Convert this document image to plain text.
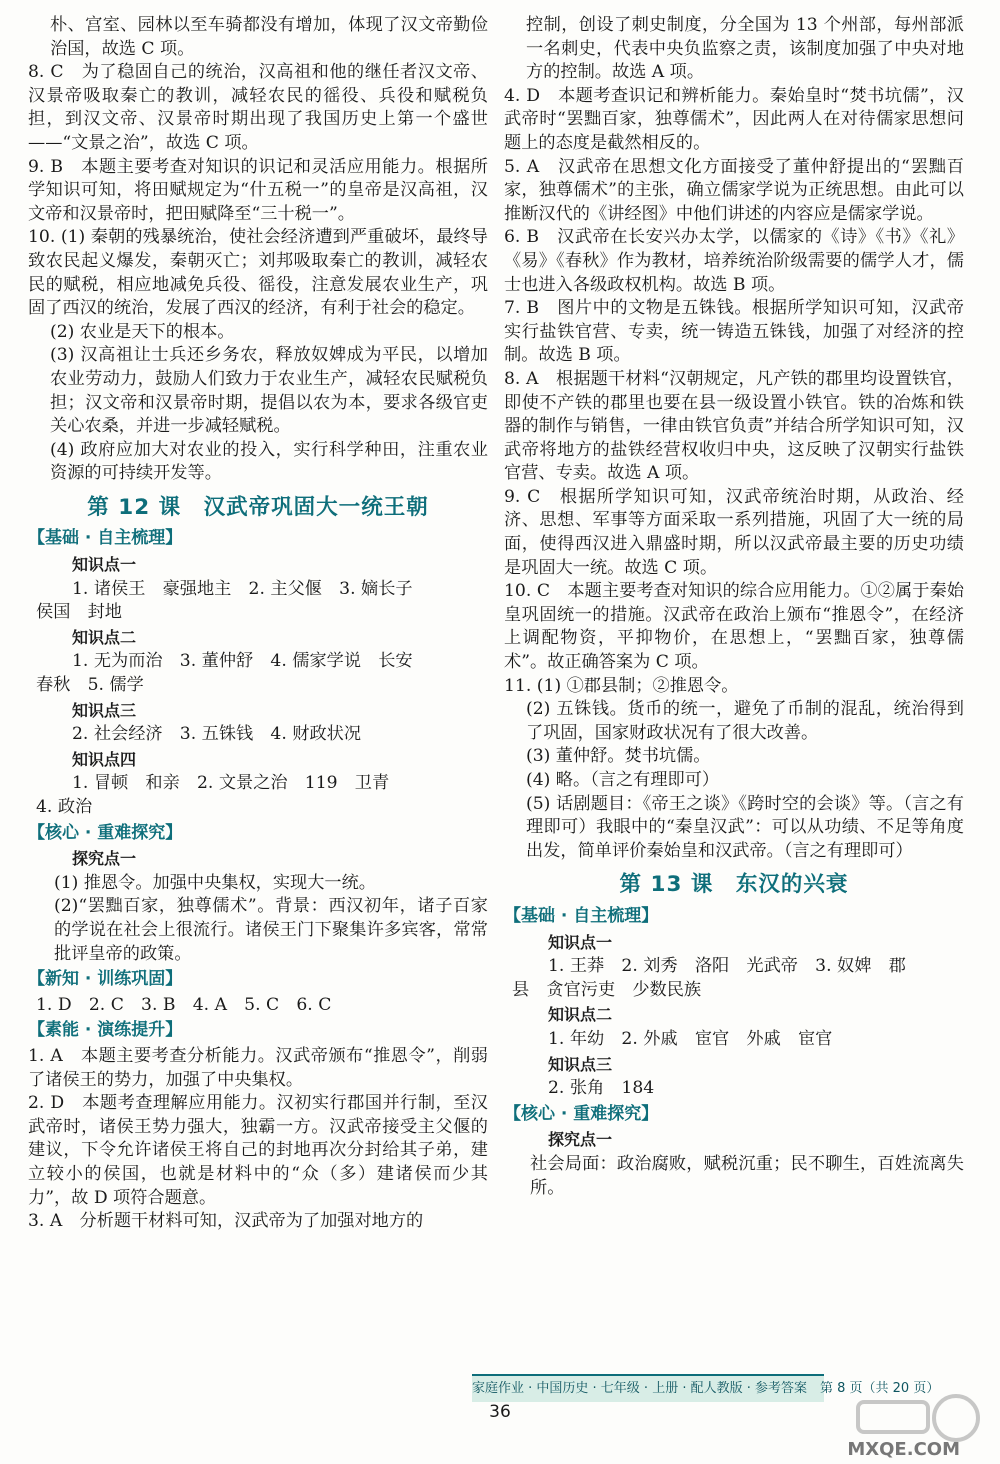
朴、宫室、园林以至车骑都没有增加，体现了汉文帝勤俭治国，故选 C 项。
8. C　为了稳固自己的统治，汉高祖和他的继任者汉文帝、汉景帝吸取秦亡的教训，减轻农民的徭役、兵役和赋税负担，到汉文帝、汉景帝时期出现了我国历史上第一个盛世——“文景之治”，故选 C 项。
9. B　本题主要考查对知识的识记和灵活应用能力。根据所学知识可知，将田赋规定为“什五税一”的皇帝是汉高祖，汉文帝和汉景帝时，把田赋降至“三十税一”。
10. (1) 秦朝的残暴统治，使社会经济遭到严重破坏，最终导致农民起义爆发，秦朝灭亡；刘邦吸取秦亡的教训，减轻农民的赋税，相应地减免兵役、徭役，注意发展农业生产，巩固了西汉的统治，发展了西汉的经济，有利于社会的稳定。
(2) 农业是天下的根本。
(3) 汉高祖让士兵还乡务农，释放奴婢成为平民，以增加农业劳动力，鼓励人们致力于农业生产，减轻农民赋税负担；汉文帝和汉景帝时期，提倡以农为本，要求各级官吏关心农桑，并进一步减轻赋税。
(4) 政府应加大对农业的投入，实行科学种田，注重农业资源的可持续开发等。
第 12 课　汉武帝巩固大一统王朝
【基础 · 自主梳理】
知识点一
1. 诸侯王　豪强地主　2. 主父偃　3. 嫡长子
侯国　封地
知识点二
1. 无为而治　3. 董仲舒　4. 儒家学说　长安
春秋　5. 儒学
知识点三
2. 社会经济　3. 五铢钱　4. 财政状况
知识点四
1. 冒顿　和亲　2. 文景之治　119　卫青
4. 政治
【核心 · 重难探究】
探究点一
(1) 推恩令。加强中央集权，实现大一统。
(2)“罢黜百家，独尊儒术”。背景：西汉初年，诸子百家的学说在社会上很流行。诸侯王门下聚集许多宾客，常常批评皇帝的政策。
【新知 · 训练巩固】
1. D　2. C　3. B　4. A　5. C　6. C
【素能 · 演练提升】
1. A　本题主要考查分析能力。汉武帝颁布“推恩令”，削弱了诸侯王的势力，加强了中央集权。
2. D　本题考查理解应用能力。汉初实行郡国并行制，至汉武帝时，诸侯王势力强大，独霸一方。汉武帝接受主父偃的建议，下令允许诸侯王将自己的封地再次分封给其子弟，建立较小的侯国，也就是材料中的“众（多）建诸侯而少其力”，故 D 项符合题意。
3. A　分析题干材料可知，汉武帝为了加强对地方的
控制，创设了刺史制度，分全国为 13 个州部，每州部派一名刺史，代表中央负监察之责，该制度加强了中央对地方的控制。故选 A 项。
4. D　本题考查识记和辨析能力。秦始皇时“焚书坑儒”，汉武帝时“罢黜百家，独尊儒术”，因此两人在对待儒家思想问题上的态度是截然相反的。
5. A　汉武帝在思想文化方面接受了董仲舒提出的“罢黜百家，独尊儒术”的主张，确立儒家学说为正统思想。由此可以推断汉代的《讲经图》中他们讲述的内容应是儒家学说。
6. B　汉武帝在长安兴办太学，以儒家的《诗》《书》《礼》《易》《春秋》作为教材，培养统治阶级需要的儒学人才，儒士也进入各级政权机构。故选 B 项。
7. B　图片中的文物是五铢钱。根据所学知识可知，汉武帝实行盐铁官营、专卖，统一铸造五铢钱，加强了对经济的控制。故选 B 项。
8. A　根据题干材料“汉朝规定，凡产铁的郡里均设置铁官，即使不产铁的郡里也要在县一级设置小铁官。铁的冶炼和铁器的制作与销售，一律由铁官负责”并结合所学知识可知，汉武帝将地方的盐铁经营权收归中央，这反映了汉朝实行盐铁官营、专卖。故选 A 项。
9. C　根据所学知识可知，汉武帝统治时期，从政治、经济、思想、军事等方面采取一系列措施，巩固了大一统的局面，使得西汉进入鼎盛时期，所以汉武帝最主要的历史功绩是巩固大一统。故选 C 项。
10. C　本题主要考查对知识的综合应用能力。①②属于秦始皇巩固统一的措施。汉武帝在政治上颁布“推恩令”，在经济上调配物资，平抑物价，在思想上，“罢黜百家，独尊儒术”。故正确答案为 C 项。
11. (1) ①郡县制；②推恩令。
(2) 五铢钱。货币的统一，避免了币制的混乱，统治得到了巩固，国家财政状况有了很大改善。
(3) 董仲舒。焚书坑儒。
(4) 略。（言之有理即可）
(5) 话剧题目：《帝王之谈》《跨时空的会谈》等。（言之有理即可）我眼中的“秦皇汉武”：可以从功绩、不足等角度出发，简单评价秦始皇和汉武帝。（言之有理即可）
第 13 课　东汉的兴衰
【基础 · 自主梳理】
知识点一
1. 王莽　2. 刘秀　洛阳　光武帝　3. 奴婢　郡
县　贪官污吏　少数民族
知识点二
1. 年幼　2. 外戚　宦官　外戚　宦官
知识点三
2. 张角　184
【核心 · 重难探究】
探究点一
社会局面：政治腐败，赋税沉重；民不聊生，百姓流离失所。
家庭作业 · 中国历史 · 七年级 · 上册 · 配人教版 · 参考答案　第 8 页（共 20 页）
36
MXQE.COM
